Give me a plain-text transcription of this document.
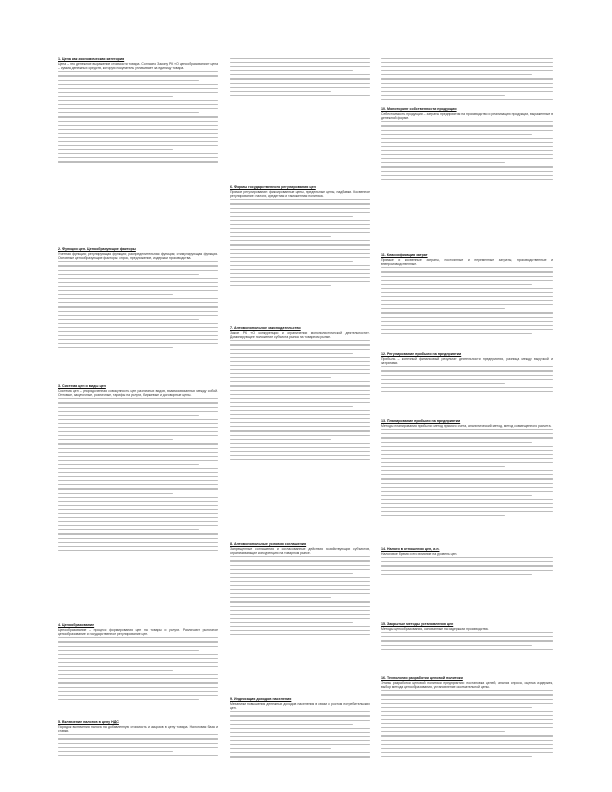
1. Цена как экономическая категория

Цена – это денежное выражение стоимости товара. Согласно Закону РК «О ценообразовании» цена – сумма денежных средств, которую покупатель уплачивает за единицу товара.

2. Функции цен. Ценообразующие факторы

Учетная функция; регулирующая функция; распределительная функция; стимулирующая функция. Основные ценообразующие факторы: спрос, предложение, издержки производства.

3. Система цен и виды цен

Система цен – упорядоченная совокупность цен различных видов, взаимосвязанных между собой. Оптовые, закупочные, розничные, тарифы на услуги, биржевые и договорные цены.

4. Ценообразование

Ценообразование – процесс формирования цен на товары и услуги. Различают рыночное ценообразование и государственное регулирование цен.

5. Включение налогов в цену НДС

Порядок включения налога на добавленную стоимость и акцизов в цену товара. Налоговая база и ставки.

6. Формы государственного регулирования цен

Прямое регулирование: фиксированные цены, предельные цены, надбавки. Косвенное регулирование: налоги, кредитная и таможенная политика.

7. Антимонопольное законодательство

Закон РК «О конкуренции и ограничении монополистической деятельности». Доминирующее положение субъекта рынка на товарном рынке.

8. Антимонопольные условия соглашения

Запрещенные соглашения и согласованные действия хозяйствующих субъектов, ограничивающие конкуренцию на товарном рынке.

9. Индексация доходов населения

Механизм повышения денежных доходов населения в связи с ростом потребительских цен.

10. Мониторинг собственности продукции

Себестоимость продукции – затраты предприятия на производство и реализацию продукции, выраженные в денежной форме.

11. Классификация затрат

Прямые и косвенные затраты, постоянные и переменные затраты, производственные и внепроизводственные.

12. Регулирование прибыли на предприятии

Прибыль – конечный финансовый результат деятельности предприятия, разница между выручкой и затратами.

13. Планирование прибыли на предприятии

Методы планирования прибыли: метод прямого счета, аналитический метод, метод совмещенного расчета.

14. Налоги в отношении цен, и.п.

Налоговое бремя и его влияние на уровень цен.

15. Закрытые методы установления цен

Методы ценообразования, основанные на издержках производства.

16. Технологии разработки ценовой политики

Этапы разработки ценовой политики предприятия: постановка целей, анализ спроса, оценка издержек, выбор метода ценообразования, установление окончательной цены.
